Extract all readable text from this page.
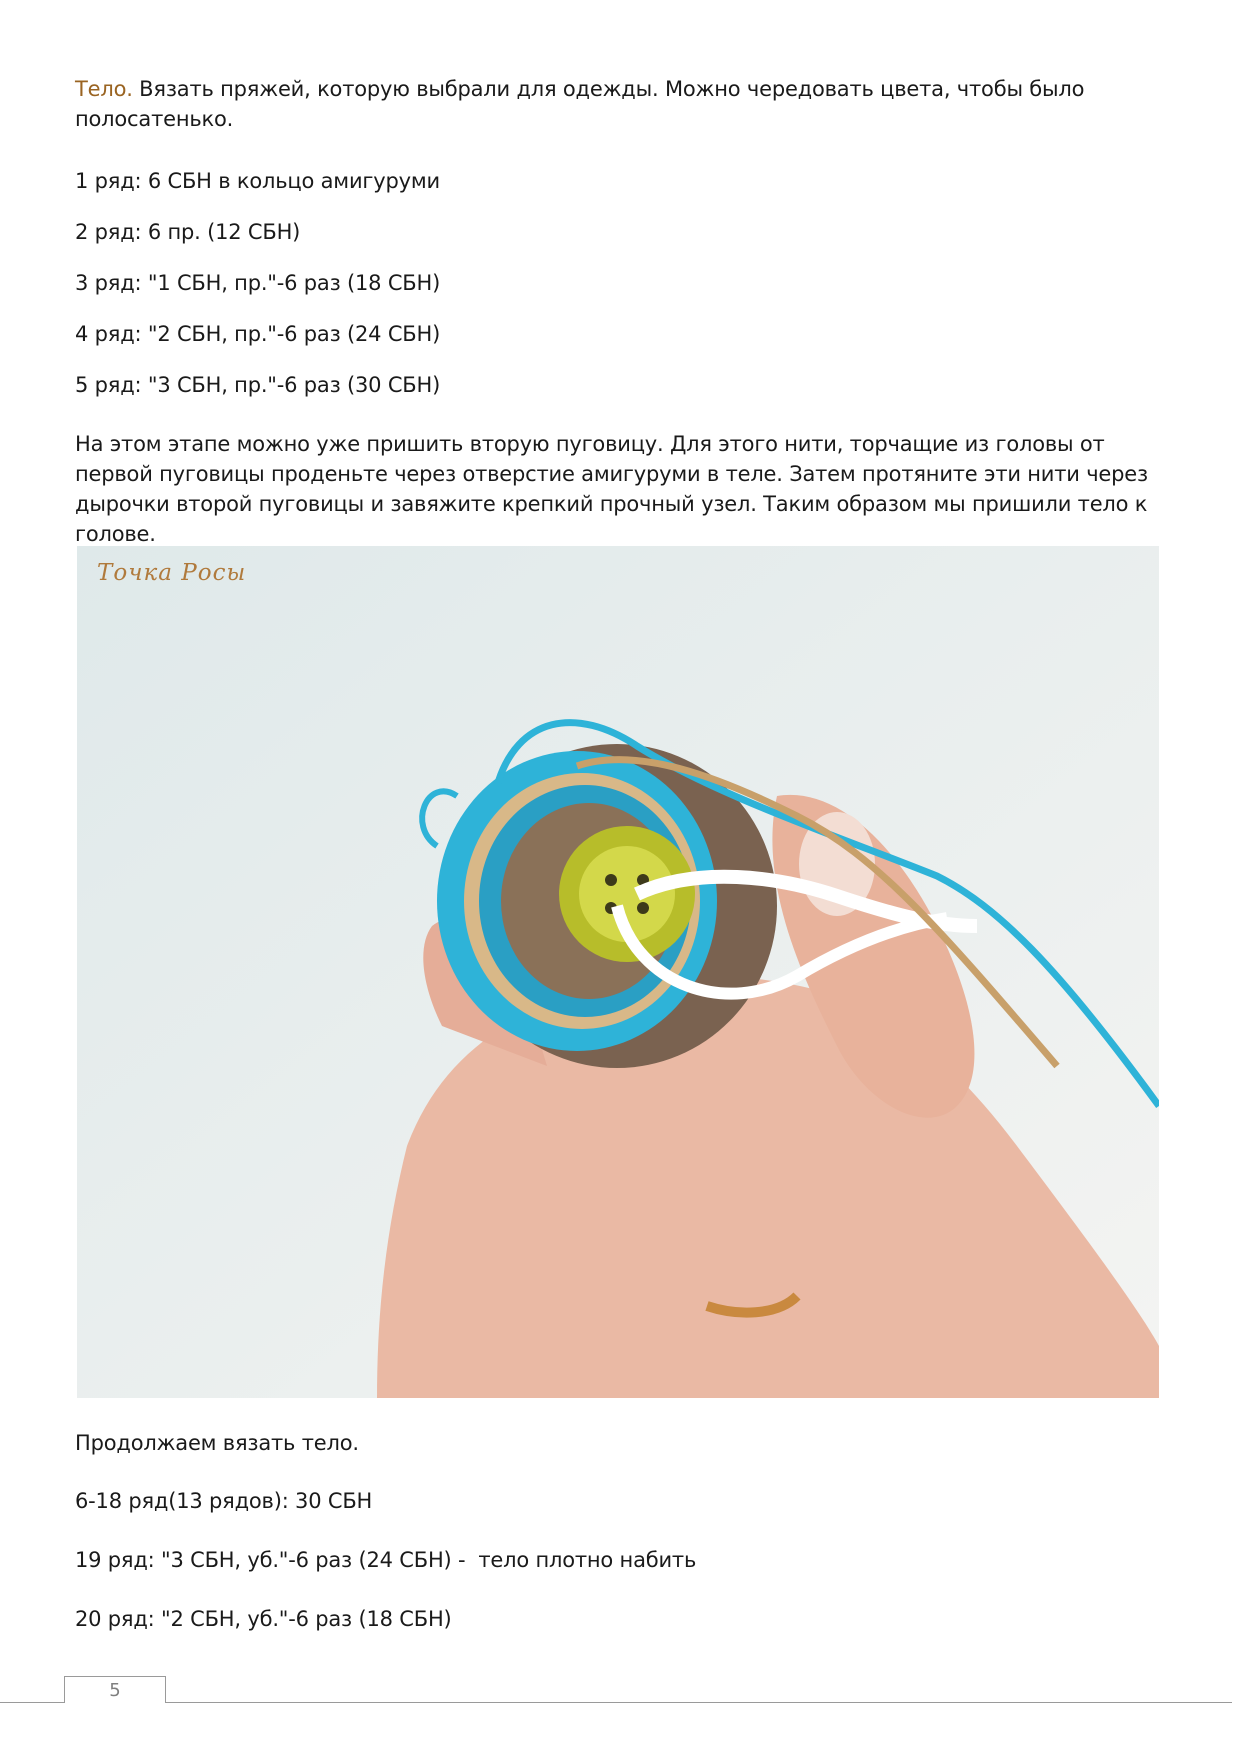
Тело. Вязать пряжей, которую выбрали для одежды. Можно чередовать цвета, чтобы было полосатенько.

1 ряд: 6 СБН в кольцо амигуруми

2 ряд: 6 пр. (12 СБН)

3 ряд: "1 СБН, пр."-6 раз (18 СБН)

4 ряд: "2 СБН, пр."-6 раз (24 СБН)

5 ряд: "3 СБН, пр."-6 раз (30 СБН)

На этом этапе можно уже пришить вторую пуговицу. Для этого нити, торчащие из головы от первой пуговицы проденьте через отверстие амигуруми в теле. Затем протяните эти нити через дырочки второй пуговицы и завяжите крепкий прочный узел. Таким образом мы пришили тело к голове.

Точка Росы

Продолжаем вязать тело.

6-18 ряд(13 рядов): 30 СБН

19 ряд: "3 СБН, уб."-6 раз (24 СБН) -  тело плотно набить

20 ряд: "2 СБН, уб."-6 раз (18 СБН)

5
